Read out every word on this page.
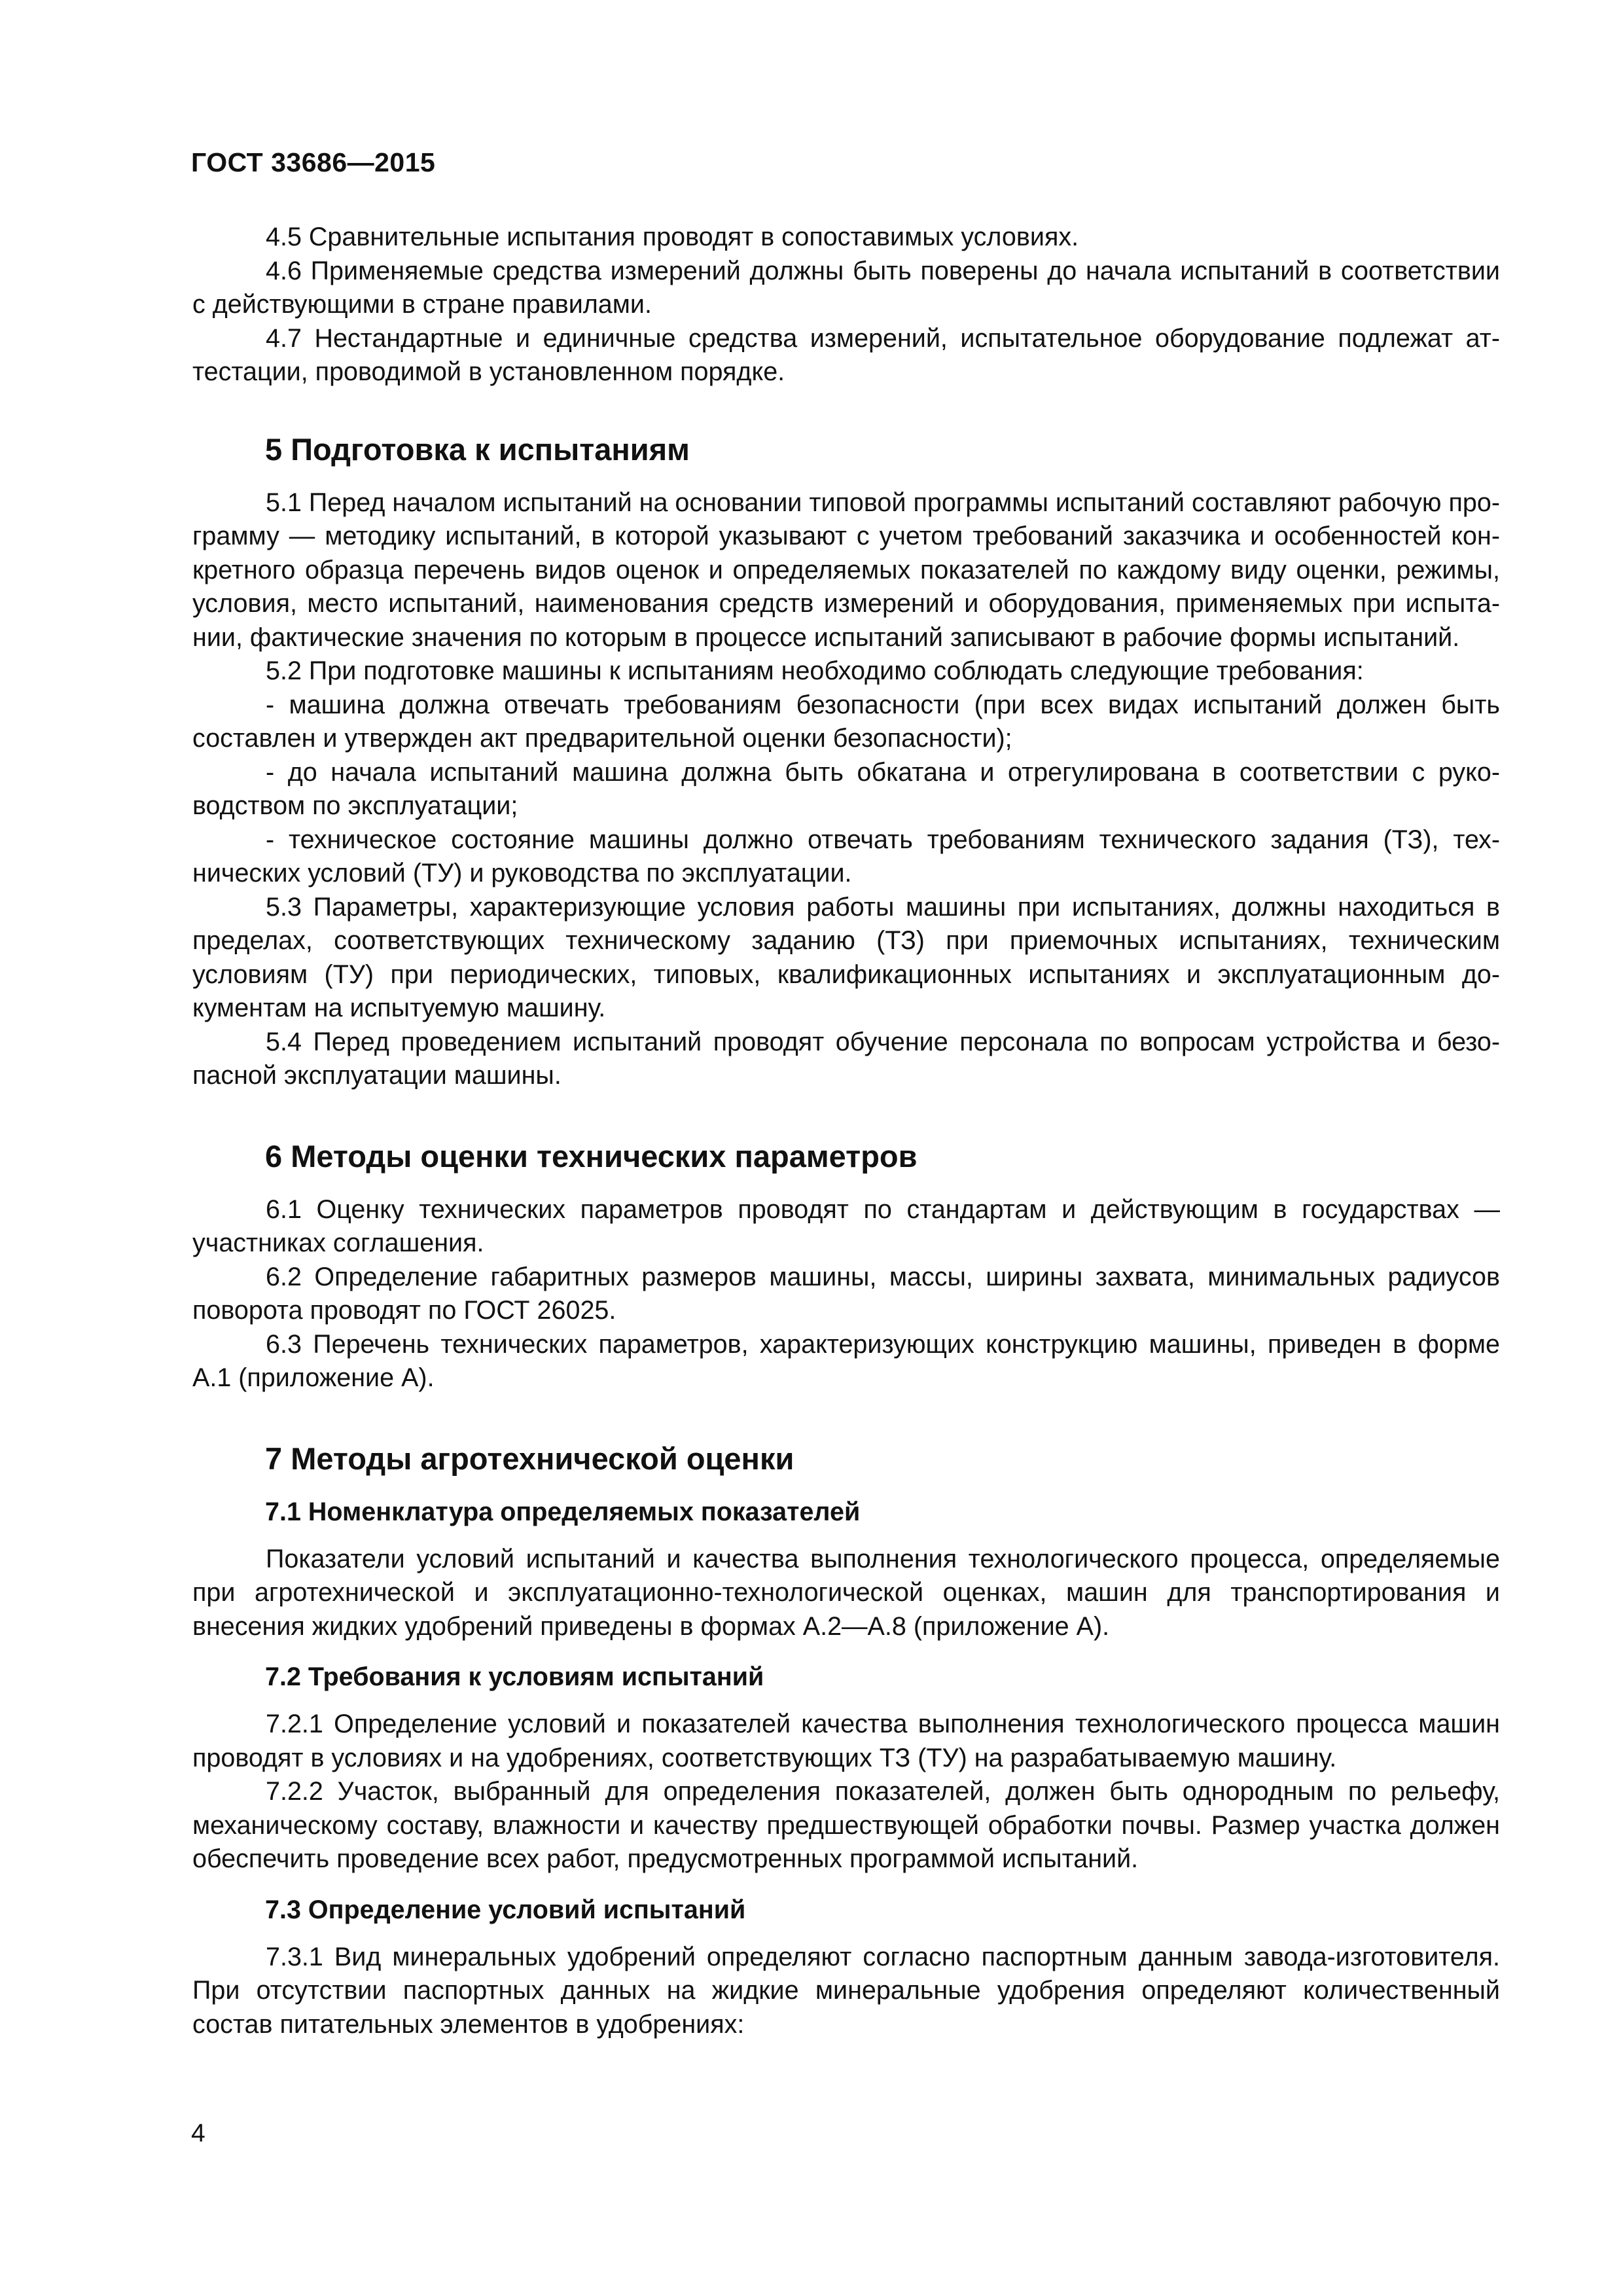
ГОСТ 33686—2015

4.5 Сравнительные испытания проводят в сопоставимых условиях.

4.6 Применяемые средства измерений должны быть поверены до начала испытаний в соответствии с действующими в стране правилами.

4.7 Нестандартные и единичные средства измерений, испытательное оборудование подлежат аттестации, проводимой в установленном порядке.

5 Подготовка к испытаниям

5.1 Перед началом испытаний на основании типовой программы испытаний составляют рабочую программу — методику испытаний, в которой указывают с учетом требований заказчика и особенностей конкретного образца перечень видов оценок и определяемых показателей по каждому виду оценки, режимы, условия, место испытаний, наименования средств измерений и оборудования, применяемых при испытании, фактические значения по которым в процессе испытаний записывают в рабочие формы испытаний.

5.2 При подготовке машины к испытаниям необходимо соблюдать следующие требования:

- машина должна отвечать требованиям безопасности (при всех видах испытаний должен быть составлен и утвержден акт предварительной оценки безопасности);

- до начала испытаний машина должна быть обкатана и отрегулирована в соответствии с руководством по эксплуатации;

- техническое состояние машины должно отвечать требованиям технического задания (ТЗ), технических условий (ТУ) и руководства по эксплуатации.

5.3 Параметры, характеризующие условия работы машины при испытаниях, должны находиться в пределах, соответствующих техническому заданию (ТЗ) при приемочных испытаниях, техническим условиям (ТУ) при периодических, типовых, квалификационных испытаниях и эксплуатационным документам на испытуемую машину.

5.4 Перед проведением испытаний проводят обучение персонала по вопросам устройства и безопасной эксплуатации машины.

6 Методы оценки технических параметров

6.1 Оценку технических параметров проводят по стандартам и действующим в государствах — участниках соглашения.

6.2 Определение габаритных размеров машины, массы, ширины захвата, минимальных радиусов поворота проводят по ГОСТ 26025.

6.3 Перечень технических параметров, характеризующих конструкцию машины, приведен в форме А.1 (приложение А).

7 Методы агротехнической оценки
7.1 Номенклатура определяемых показателей

Показатели условий испытаний и качества выполнения технологического процесса, определяемые при агротехнической и эксплуатационно-технологической оценках, машин для транспортирования и внесения жидких удобрений приведены в формах А.2—А.8 (приложение А).

7.2 Требования к условиям испытаний

7.2.1 Определение условий и показателей качества выполнения технологического процесса машин проводят в условиях и на удобрениях, соответствующих ТЗ (ТУ) на разрабатываемую машину.

7.2.2 Участок, выбранный для определения показателей, должен быть однородным по рельефу, механическому составу, влажности и качеству предшествующей обработки почвы. Размер участка должен обеспечить проведение всех работ, предусмотренных программой испытаний.

7.3 Определение условий испытаний

7.3.1 Вид минеральных удобрений определяют согласно паспортным данным завода-изготовителя. При отсутствии паспортных данных на жидкие минеральные удобрения определяют количественный состав питательных элементов в удобрениях:

4
